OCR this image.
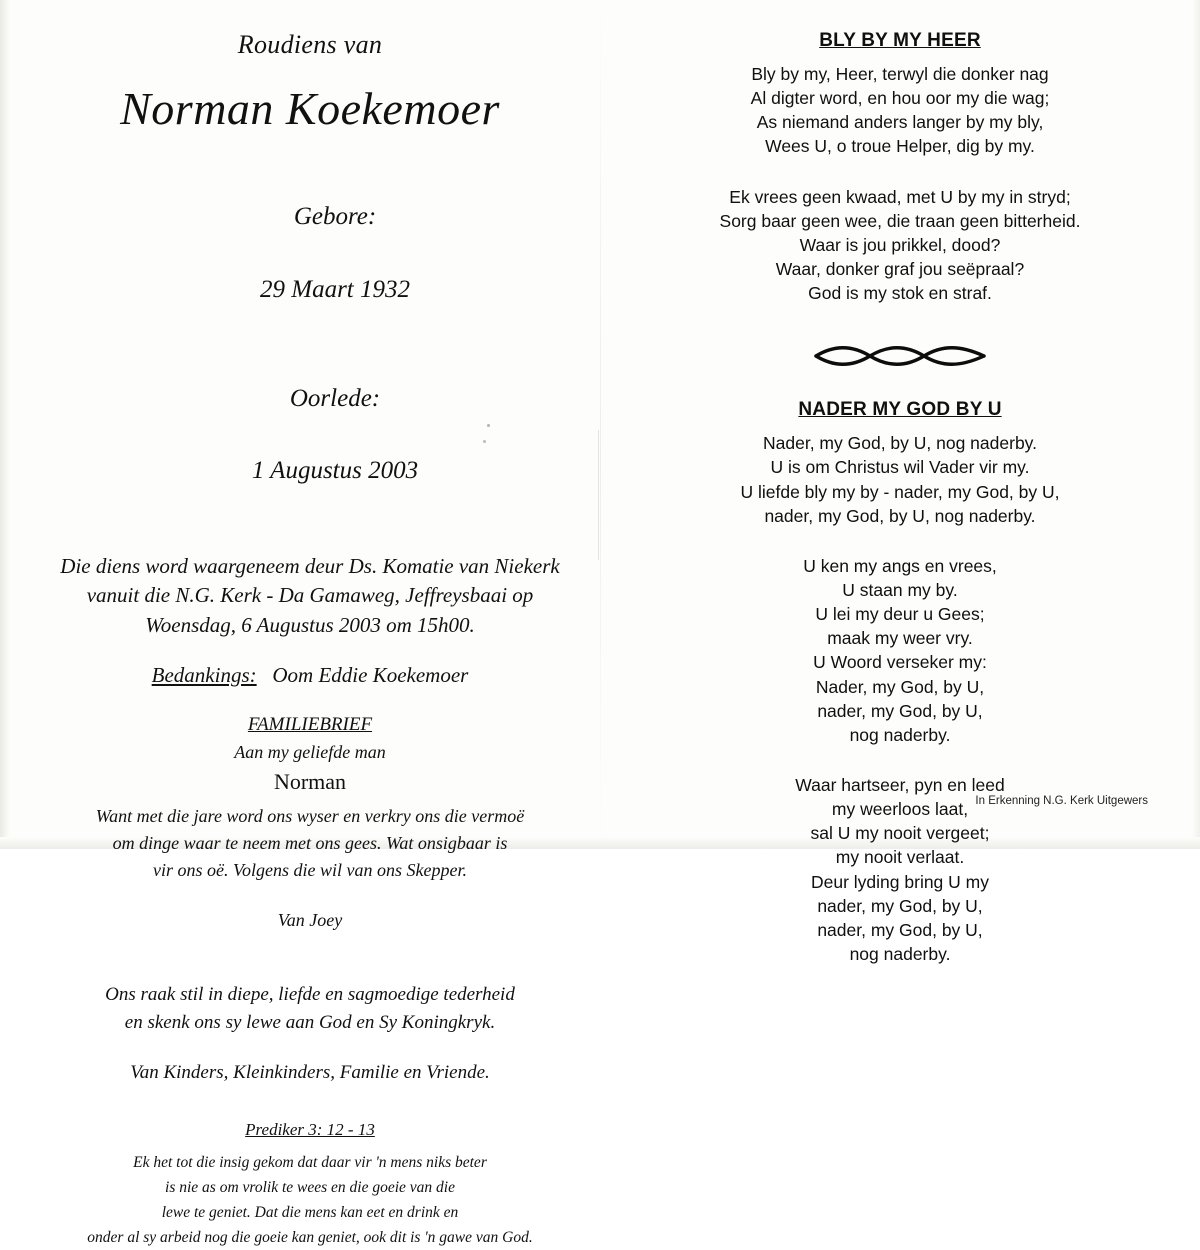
Roudiens van
Norman Koekemoer

Gebore:

29 Maart 1932

Oorlede:

1 Augustus 2003

Die diens word waargeneem deur Ds. Komatie van Niekerk
vanuit die N.G. Kerk - Da Gamaweg, Jeffreysbaai op
Woensdag, 6 Augustus 2003 om 15h00.
Bedankings: Oom Eddie Koekemoer
FAMILIEBRIEF
Aan my geliefde man
Norman
Want met die jare word ons wyser en verkry ons die vermoë
om dinge waar te neem met ons gees. Wat onsigbaar is
vir ons oë. Volgens die wil van ons Skepper.
Van Joey
Ons raak stil in diepe, liefde en sagmoedige tederheid
en skenk ons sy lewe aan God en Sy Koningkryk.
Van Kinders, Kleinkinders, Familie en Vriende.
Prediker 3: 12 - 13
Ek het tot die insig gekom dat daar vir 'n mens niks beter
is nie as om vrolik te wees en die goeie van die
lewe te geniet. Dat die mens kan eet en drink en
onder al sy arbeid nog die goeie kan geniet, ook dit is 'n gawe van God.
BLY BY MY HEER
Bly by my, Heer, terwyl die donker nag
Al digter word, en hou oor my die wag;
As niemand anders langer by my bly,
Wees U, o troue Helper, dig by my.
Ek vrees geen kwaad, met U by my in stryd;
Sorg baar geen wee, die traan geen bitterheid.
Waar is jou prikkel, dood?
Waar, donker graf jou seëpraal?
God is my stok en straf.
NADER MY GOD BY U
Nader, my God, by U, nog naderby.
U is om Christus wil Vader vir my.
U liefde bly my by - nader, my God, by U,
nader, my God, by U, nog naderby.
U ken my angs en vrees,
U staan my by.
U lei my deur u Gees;
maak my weer vry.
U Woord verseker my:
Nader, my God, by U,
nader, my God, by U,
nog naderby.
Waar hartseer, pyn en leed
my weerloos laat,
sal U my nooit vergeet;
my nooit verlaat.
Deur lyding bring U my
nader, my God, by U,
nader, my God, by U,
nog naderby.
In Erkenning N.G. Kerk Uitgewers
